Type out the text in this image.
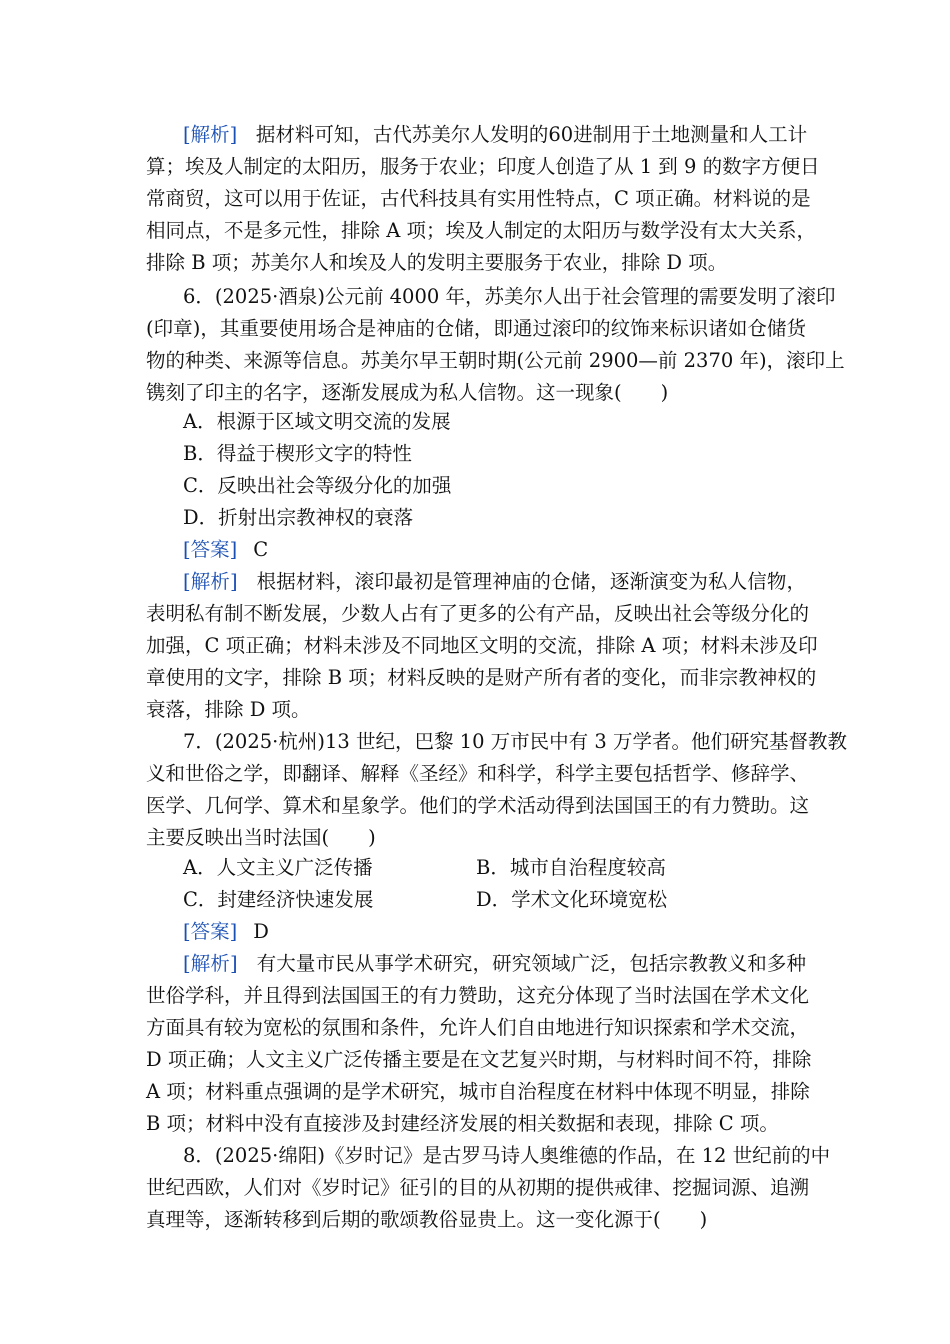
[解析] 据材料可知，古代苏美尔人发明的60进制用于土地测量和人工计
算；埃及人制定的太阳历，服务于农业；印度人创造了从 1 到 9 的数字方便日
常商贸，这可以用于佐证，古代科技具有实用性特点，C 项正确。材料说的是
相同点，不是多元性，排除 A 项；埃及人制定的太阳历与数学没有太大关系，
排除 B 项；苏美尔人和埃及人的发明主要服务于农业，排除 D 项。
6．(2025·酒泉)公元前 4000 年，苏美尔人出于社会管理的需要发明了滚印
(印章)，其重要使用场合是神庙的仓储，即通过滚印的纹饰来标识诸如仓储货
物的种类、来源等信息。苏美尔早王朝时期(公元前 2900—前 2370 年)，滚印上
镌刻了印主的名字，逐渐发展成为私人信物。这一现象(　　)
A．根源于区域文明交流的发展
B．得益于楔形文字的特性
C．反映出社会等级分化的加强
D．折射出宗教神权的衰落
[答案] C
[解析] 根据材料，滚印最初是管理神庙的仓储，逐渐演变为私人信物，
表明私有制不断发展，少数人占有了更多的公有产品，反映出社会等级分化的
加强，C 项正确；材料未涉及不同地区文明的交流，排除 A 项；材料未涉及印
章使用的文字，排除 B 项；材料反映的是财产所有者的变化，而非宗教神权的
衰落，排除 D 项。
7．(2025·杭州)13 世纪，巴黎 10 万市民中有 3 万学者。他们研究基督教教
义和世俗之学，即翻译、解释《圣经》和科学，科学主要包括哲学、修辞学、
医学、几何学、算术和星象学。他们的学术活动得到法国国王的有力赞助。这
主要反映出当时法国(　　)
A．人文主义广泛传播	B．城市自治程度较高
C．封建经济快速发展	D．学术文化环境宽松
[答案] D
[解析] 有大量市民从事学术研究，研究领域广泛，包括宗教教义和多种
世俗学科，并且得到法国国王的有力赞助，这充分体现了当时法国在学术文化
方面具有较为宽松的氛围和条件，允许人们自由地进行知识探索和学术交流，
D 项正确；人文主义广泛传播主要是在文艺复兴时期，与材料时间不符，排除
A 项；材料重点强调的是学术研究，城市自治程度在材料中体现不明显，排除
B 项；材料中没有直接涉及封建经济发展的相关数据和表现，排除 C 项。
8．(2025·绵阳)《岁时记》是古罗马诗人奥维德的作品，在 12 世纪前的中
世纪西欧，人们对《岁时记》征引的目的从初期的提供戒律、挖掘词源、追溯
真理等，逐渐转移到后期的歌颂教俗显贵上。这一变化源于(　　)
